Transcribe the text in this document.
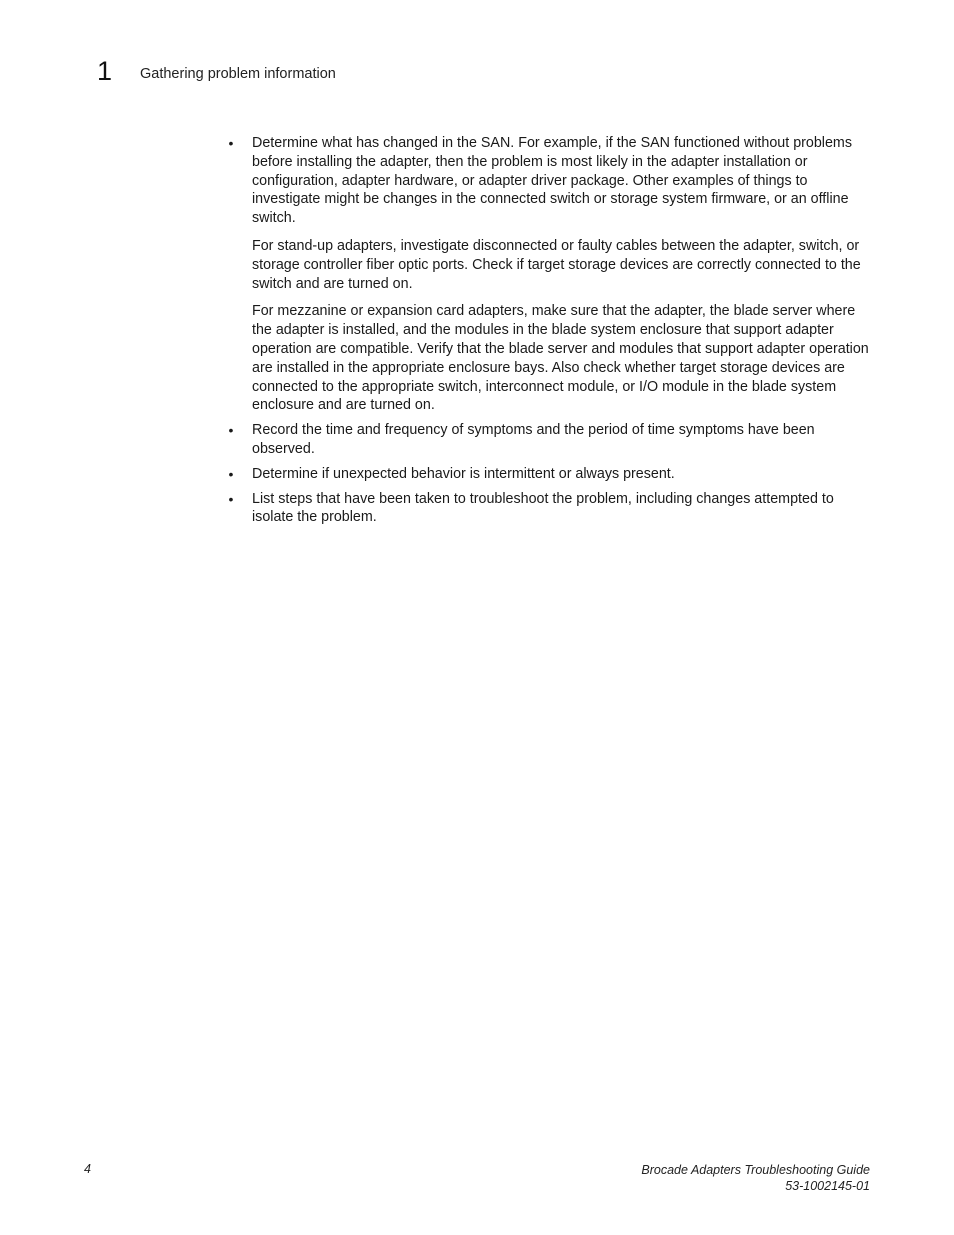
1 Gathering problem information
• Determine what has changed in the SAN. For example, if the SAN functioned without problems before installing the adapter, then the problem is most likely in the adapter installation or configuration, adapter hardware, or adapter driver package. Other examples of things to investigate might be changes in the connected switch or storage system firmware, or an offline switch.

For stand-up adapters, investigate disconnected or faulty cables between the adapter, switch, or storage controller fiber optic ports. Check if target storage devices are correctly connected to the switch and are turned on.

For mezzanine or expansion card adapters, make sure that the adapter, the blade server where the adapter is installed, and the modules in the blade system enclosure that support adapter operation are compatible. Verify that the blade server and modules that support adapter operation are installed in the appropriate enclosure bays. Also check whether target storage devices are connected to the appropriate switch, interconnect module, or I/O module in the blade system enclosure and are turned on.

• Record the time and frequency of symptoms and the period of time symptoms have been observed.

• Determine if unexpected behavior is intermittent or always present.

• List steps that have been taken to troubleshoot the problem, including changes attempted to isolate the problem.

4	Brocade Adapters Troubleshooting Guide
53-1002145-01
